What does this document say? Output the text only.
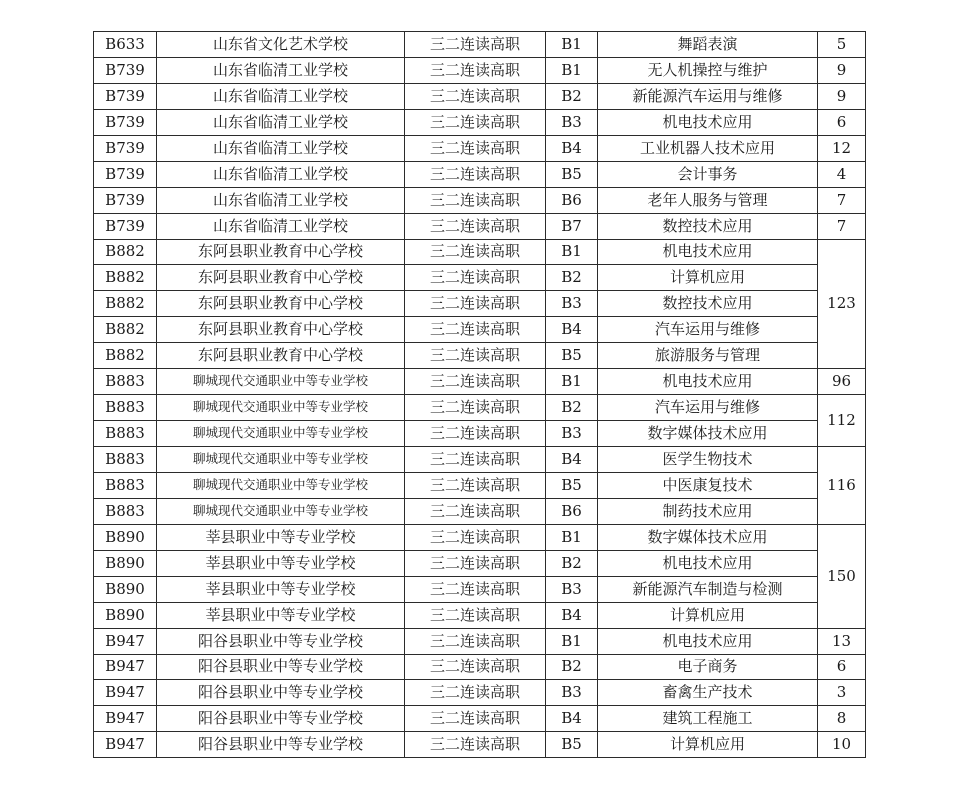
B633	山东省文化艺术学校	三二连读高职	B1	舞蹈表演	5
B739	山东省临清工业学校	三二连读高职	B1	无人机操控与维护	9
B739	山东省临清工业学校	三二连读高职	B2	新能源汽车运用与维修	9
B739	山东省临清工业学校	三二连读高职	B3	机电技术应用	6
B739	山东省临清工业学校	三二连读高职	B4	工业机器人技术应用	12
B739	山东省临清工业学校	三二连读高职	B5	会计事务	4
B739	山东省临清工业学校	三二连读高职	B6	老年人服务与管理	7
B739	山东省临清工业学校	三二连读高职	B7	数控技术应用	7
B882	东阿县职业教育中心学校	三二连读高职	B1	机电技术应用	123
B882	东阿县职业教育中心学校	三二连读高职	B2	计算机应用	
B882	东阿县职业教育中心学校	三二连读高职	B3	数控技术应用	
B882	东阿县职业教育中心学校	三二连读高职	B4	汽车运用与维修	
B882	东阿县职业教育中心学校	三二连读高职	B5	旅游服务与管理	
B883	聊城现代交通职业中等专业学校	三二连读高职	B1	机电技术应用	96
B883	聊城现代交通职业中等专业学校	三二连读高职	B2	汽车运用与维修	112
B883	聊城现代交通职业中等专业学校	三二连读高职	B3	数字媒体技术应用	
B883	聊城现代交通职业中等专业学校	三二连读高职	B4	医学生物技术	116
B883	聊城现代交通职业中等专业学校	三二连读高职	B5	中医康复技术	
B883	聊城现代交通职业中等专业学校	三二连读高职	B6	制药技术应用	
B890	莘县职业中等专业学校	三二连读高职	B1	数字媒体技术应用	150
B890	莘县职业中等专业学校	三二连读高职	B2	机电技术应用	
B890	莘县职业中等专业学校	三二连读高职	B3	新能源汽车制造与检测	
B890	莘县职业中等专业学校	三二连读高职	B4	计算机应用	
B947	阳谷县职业中等专业学校	三二连读高职	B1	机电技术应用	13
B947	阳谷县职业中等专业学校	三二连读高职	B2	电子商务	6
B947	阳谷县职业中等专业学校	三二连读高职	B3	畜禽生产技术	3
B947	阳谷县职业中等专业学校	三二连读高职	B4	建筑工程施工	8
B947	阳谷县职业中等专业学校	三二连读高职	B5	计算机应用	10
